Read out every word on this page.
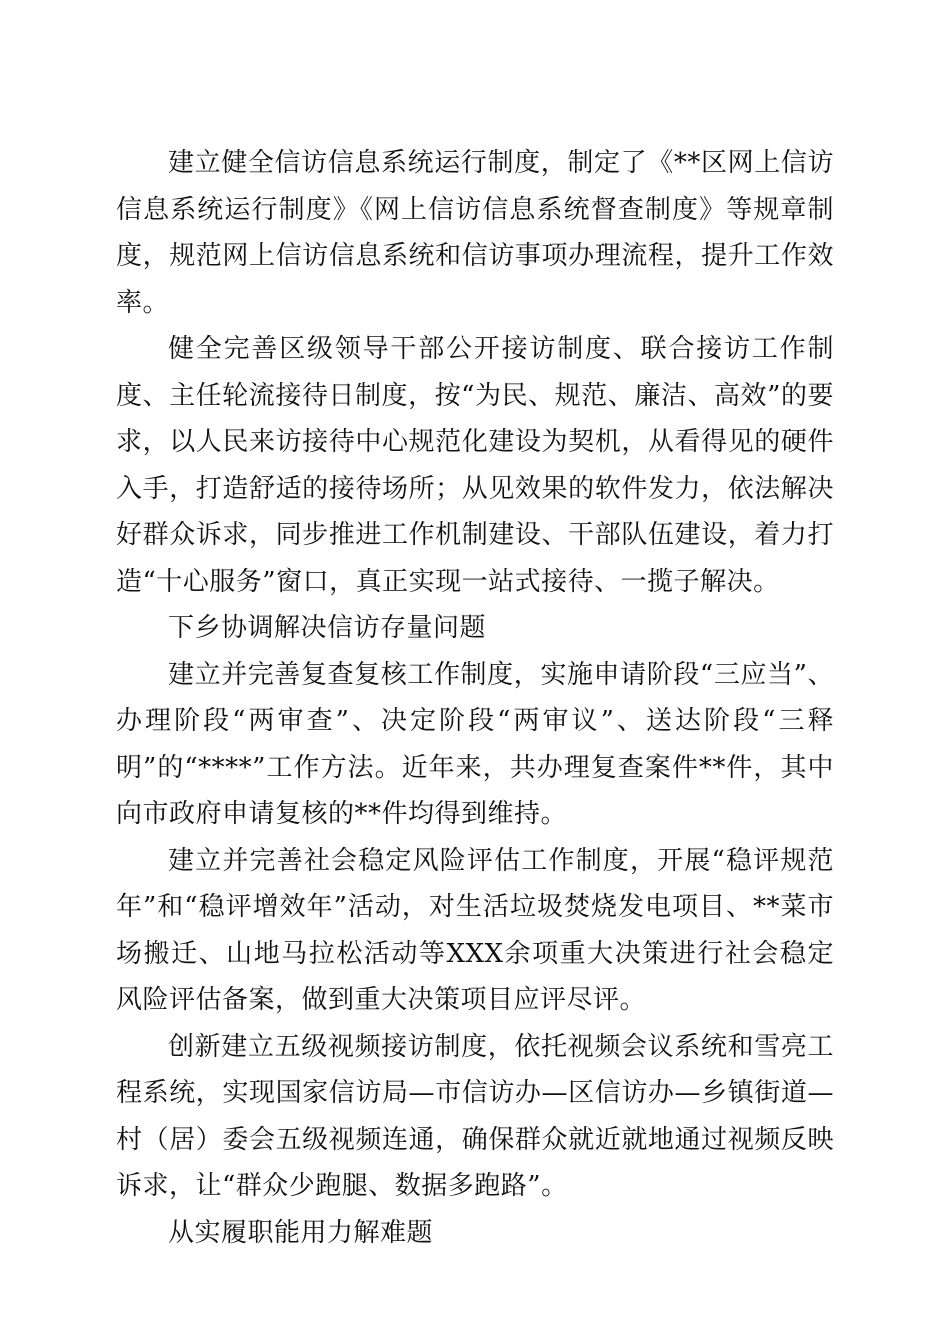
建立健全信访信息系统运行制度，制定了《**区网上信访信息系统运行制度》《网上信访信息系统督查制度》等规章制度，规范网上信访信息系统和信访事项办理流程，提升工作效率。

健全完善区级领导干部公开接访制度、联合接访工作制度、主任轮流接待日制度，按“为民、规范、廉洁、高效”的要求，以人民来访接待中心规范化建设为契机，从看得见的硬件入手，打造舒适的接待场所；从见效果的软件发力，依法解决好群众诉求，同步推进工作机制建设、干部队伍建设，着力打造“十心服务”窗口，真正实现一站式接待、一揽子解决。

下乡协调解决信访存量问题

建立并完善复查复核工作制度，实施申请阶段“三应当”、办理阶段“两审查”、决定阶段“两审议”、送达阶段“三释明”的“****”工作方法。近年来，共办理复查案件**件，其中向市政府申请复核的**件均得到维持。

建立并完善社会稳定风险评估工作制度，开展“稳评规范年”和“稳评增效年”活动，对生活垃圾焚烧发电项目、**菜市场搬迁、山地马拉松活动等XXX余项重大决策进行社会稳定风险评估备案，做到重大决策项目应评尽评。

创新建立五级视频接访制度，依托视频会议系统和雪亮工程系统，实现国家信访局—市信访办—区信访办—乡镇街道—村（居）委会五级视频连通，确保群众就近就地通过视频反映诉求，让“群众少跑腿、数据多跑路”。

从实履职能用力解难题
